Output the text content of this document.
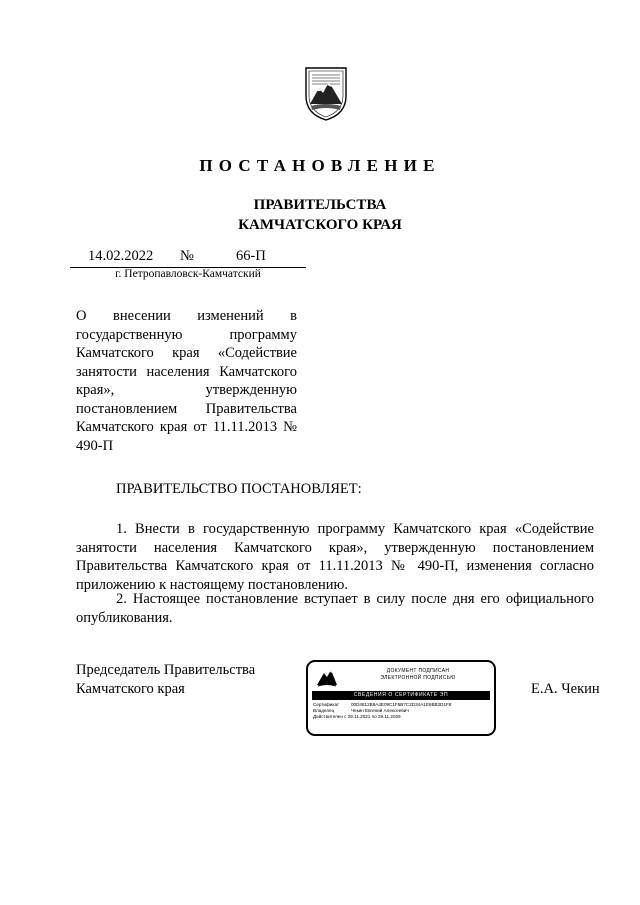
ПОСТАНОВЛЕНИЕ
ПРАВИТЕЛЬСТВА
КАМЧАТСКОГО КРАЯ
14.02.2022 №	66-П
г. Петропавловск-Камчатский
О внесении изменений в государственную программу Камчатского края «Содействие занятости населения Камчатского края», утвержденную постановлением Правительства Камчатского края от 11.11.2013 № 490-П
ПРАВИТЕЛЬСТВО ПОСТАНОВЛЯЕТ:
1. Внести в государственную программу Камчатского края «Содействие занятости населения Камчатского края», утвержденную постановлением Правительства Камчатского края от 11.11.2013 № 490-П, изменения согласно приложению к настоящему постановлению.
2. Настоящее постановление вступает в силу после дня его официального опубликования.
Председатель Правительства
Камчатского края	Е.А. Чекин
ДОКУМЕНТ ПОДПИСАН
ЭЛЕКТРОННОЙ ПОДПИСЬЮ
СВЕДЕНИЯ О СЕРТИФИКАТЕ ЭП
Сертификат	00D4812B9A4E09C1F5B7C2D34A1E6BB2D1F8
Владелец	Чекин Евгений Алексеевич
Действителен с 29.11.2021 по 29.11.2029
